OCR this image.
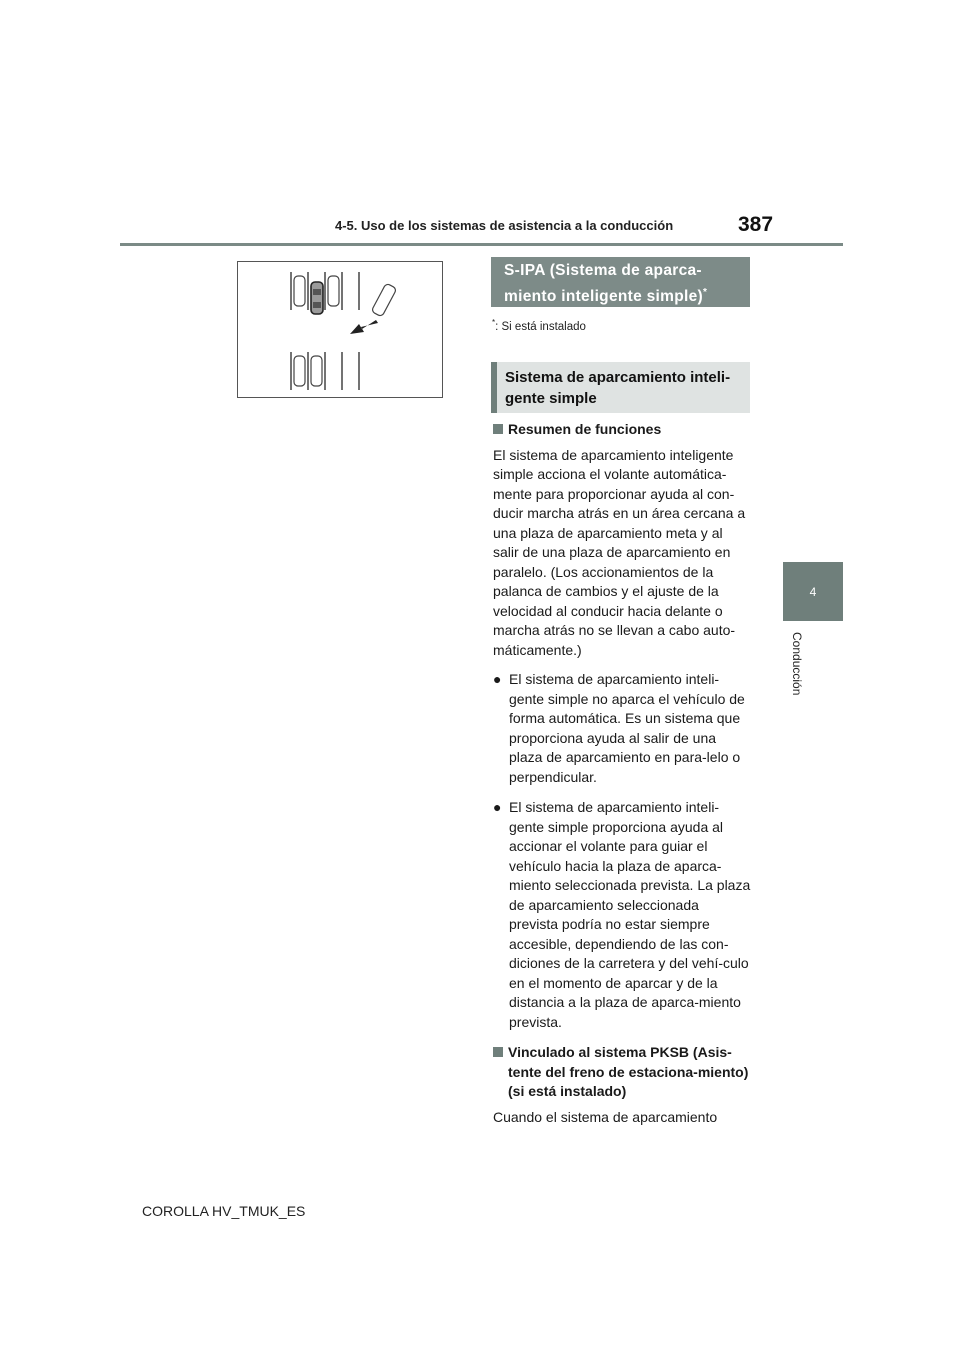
4-5. Uso de los sistemas de asistencia a la conducción	387
4
Conducción
S-IPA (Sistema de aparca-
miento inteligente simple)*
*: Si está instalado
Sistema de aparcamiento inteli-
gente simple
Resumen de funciones

El sistema de aparcamiento inteligente simple acciona el volante automática-mente para proporcionar ayuda al con-ducir marcha atrás en un área cercana a una plaza de aparcamiento meta y al salir de una plaza de aparcamiento en paralelo. (Los accionamientos de la palanca de cambios y el ajuste de la velocidad al conducir hacia delante o marcha atrás no se llevan a cabo auto-máticamente.)

● El sistema de aparcamiento inteli-gente simple no aparca el vehículo de forma automática. Es un sistema que proporciona ayuda al salir de una plaza de aparcamiento en para-lelo o perpendicular.
● El sistema de aparcamiento inteli-gente simple proporciona ayuda al accionar el volante para guiar el vehículo hacia la plaza de aparca-miento seleccionada prevista. La plaza de aparcamiento seleccionada prevista podría no estar siempre accesible, dependiendo de las con-diciones de la carretera y del vehí-culo en el momento de aparcar y de la distancia a la plaza de aparca-miento prevista.
Vinculado al sistema PKSB (Asis-tente del freno de estaciona-miento) (si está instalado)

Cuando el sistema de aparcamiento

COROLLA HV_TMUK_ES
